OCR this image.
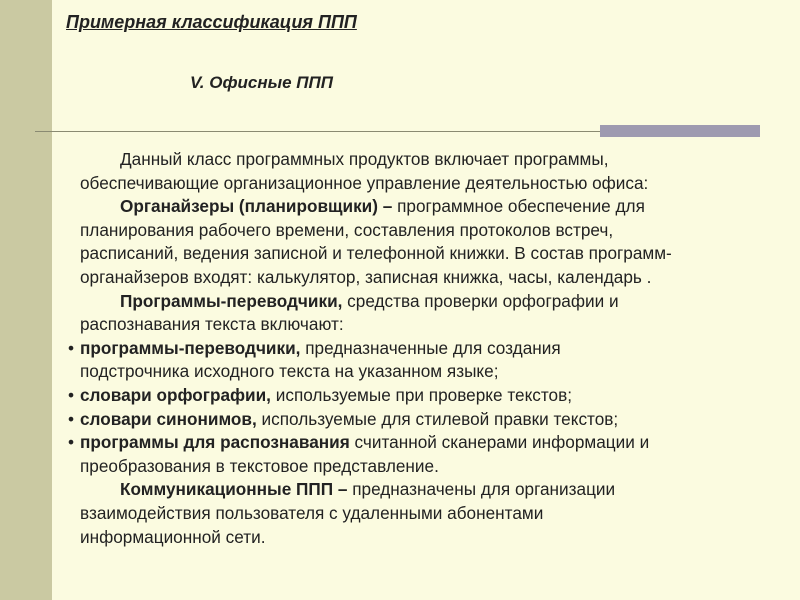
Примерная классификация ППП
V. Офисные ППП

Данный класс программных продуктов включает программы,
обеспечивающие организационное управление деятельностью офиса:

Органайзеры (планировщики) – программное обеспечение для
планирования рабочего времени, составления протоколов встреч,
расписаний, ведения записной и телефонной книжки. В состав программ-
органайзеров входят: калькулятор, записная книжка, часы, календарь .

Программы-переводчики, средства проверки орфографии и
распознавания текста включают:

• программы-переводчики, предназначенные для создания
подстрочника исходного текста на указанном языке;

• словари орфографии, используемые при проверке текстов;

• словари синонимов, используемые для стилевой правки текстов;

• программы для распознавания считанной сканерами информации и
преобразования в текстовое представление.

Коммуникационные ППП – предназначены для организации
взаимодействия пользователя с удаленными абонентами
информационной сети.
